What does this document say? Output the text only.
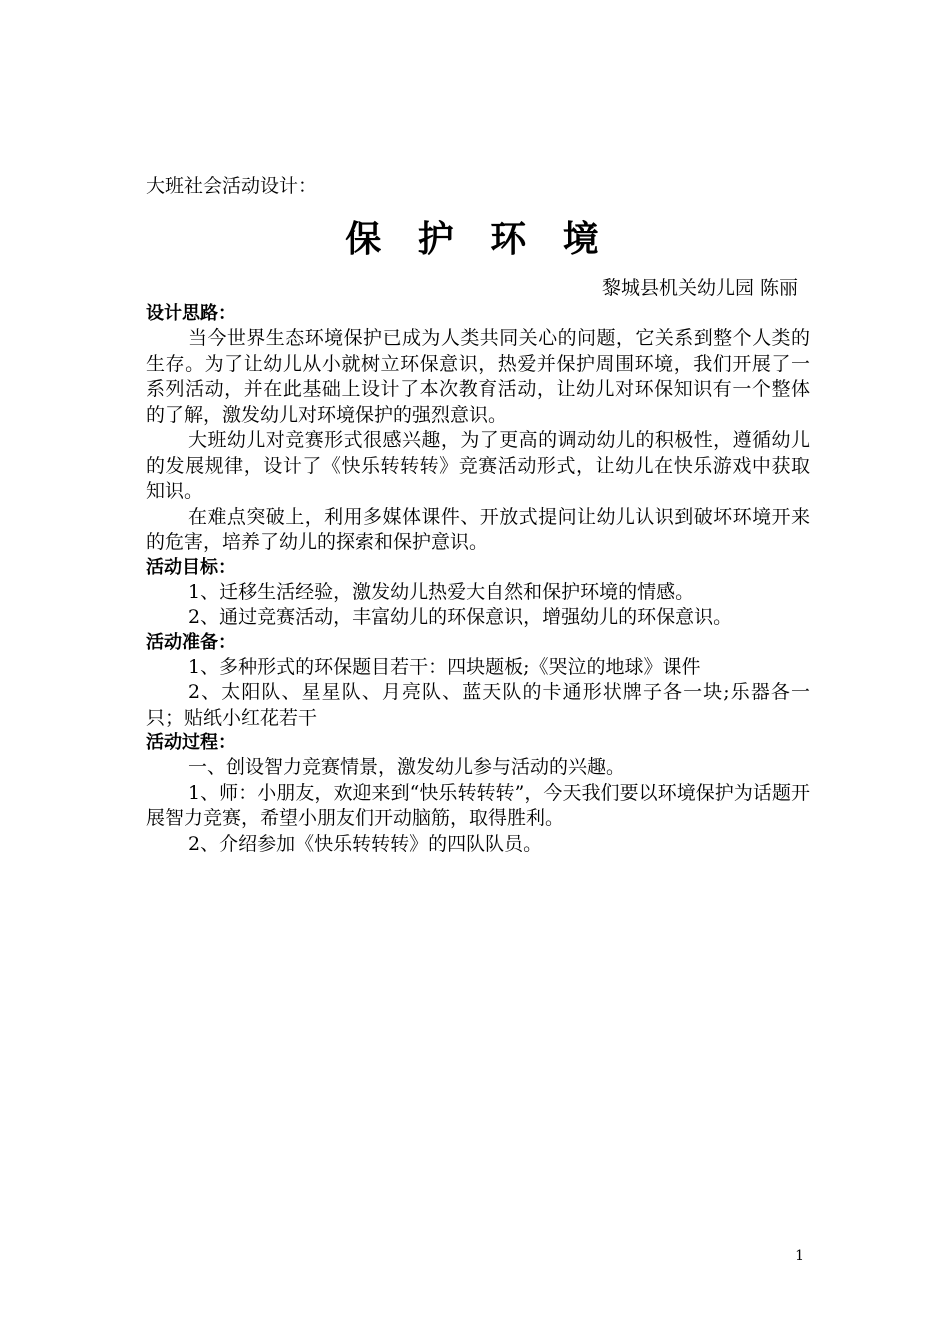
大班社会活动设计：

保 护 环 境

黎城县机关幼儿园 陈丽

设计思路：

当今世界生态环境保护已成为人类共同关心的问题，它关系到整个人类的生存。为了让幼儿从小就树立环保意识，热爱并保护周围环境，我们开展了一系列活动，并在此基础上设计了本次教育活动，让幼儿对环保知识有一个整体的了解，激发幼儿对环境保护的强烈意识。

大班幼儿对竞赛形式很感兴趣，为了更高的调动幼儿的积极性，遵循幼儿的发展规律，设计了《快乐转转转》竞赛活动形式，让幼儿在快乐游戏中获取知识。

在难点突破上，利用多媒体课件、开放式提问让幼儿认识到破坏环境开来的危害，培养了幼儿的探索和保护意识。

活动目标：

1、迁移生活经验，激发幼儿热爱大自然和保护环境的情感。

2、通过竞赛活动，丰富幼儿的环保意识，增强幼儿的环保意识。

活动准备：

1、多种形式的环保题目若干：四块题板;《哭泣的地球》课件

2、太阳队、星星队、月亮队、蓝天队的卡通形状牌子各一块;乐器各一只；贴纸小红花若干

活动过程：

一、创设智力竞赛情景，激发幼儿参与活动的兴趣。

1、师：小朋友，欢迎来到“快乐转转转”，今天我们要以环境保护为话题开展智力竞赛，希望小朋友们开动脑筋，取得胜利。

2、介绍参加《快乐转转转》的四队队员。

1
